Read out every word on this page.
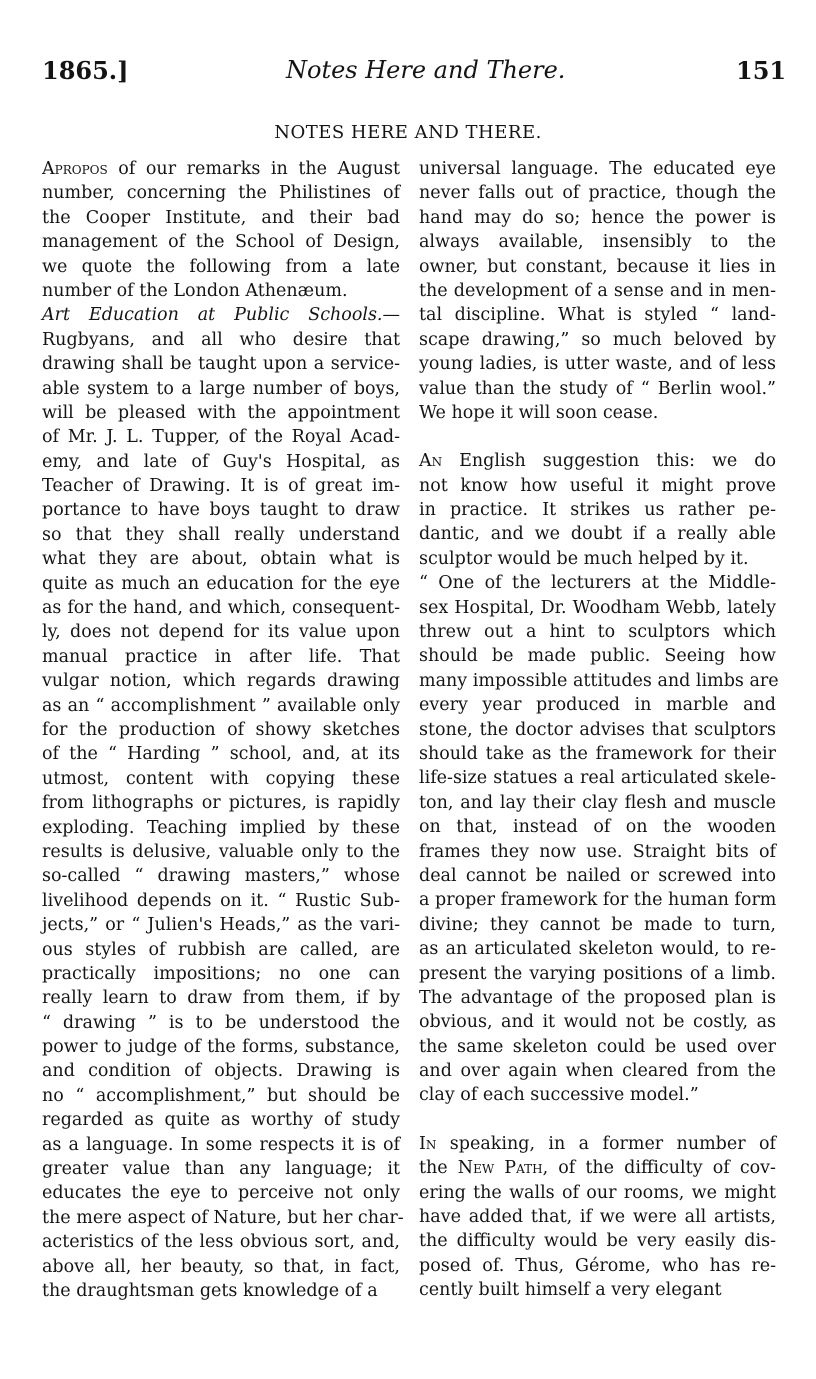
1865.]	Notes Here and There.	151
NOTES HERE AND THERE.
Apropos of our remarks in the August
number, concerning the Philistines of
the Cooper Institute, and their bad
management of the School of Design,
we quote the following from a late
number of the London Athenæum.
Art Education at Public Schools.—
Rugbyans, and all who desire that
drawing shall be taught upon a service-
able system to a large number of boys,
will be pleased with the appointment
of Mr. J. L. Tupper, of the Royal Acad-
emy, and late of Guy's Hospital, as
Teacher of Drawing. It is of great im-
portance to have boys taught to draw
so that they shall really understand
what they are about, obtain what is
quite as much an education for the eye
as for the hand, and which, consequent-
ly, does not depend for its value upon
manual practice in after life. That
vulgar notion, which regards drawing
as an “ accomplishment ” available only
for the production of showy sketches
of the “ Harding ” school, and, at its
utmost, content with copying these
from lithographs or pictures, is rapidly
exploding. Teaching implied by these
results is delusive, valuable only to the
so-called “ drawing masters,” whose
livelihood depends on it. “ Rustic Sub-
jects,” or “ Julien's Heads,” as the vari-
ous styles of rubbish are called, are
practically impositions; no one can
really learn to draw from them, if by
“ drawing ” is to be understood the
power to judge of the forms, substance,
and condition of objects. Drawing is
no “ accomplishment,” but should be
regarded as quite as worthy of study
as a language. In some respects it is of
greater value than any language; it
educates the eye to perceive not only
the mere aspect of Nature, but her char-
acteristics of the less obvious sort, and,
above all, her beauty, so that, in fact,
the draughtsman gets knowledge of a
universal language. The educated eye
never falls out of practice, though the
hand may do so; hence the power is
always available, insensibly to the
owner, but constant, because it lies in
the development of a sense and in men-
tal discipline. What is styled “ land-
scape drawing,” so much beloved by
young ladies, is utter waste, and of less
value than the study of “ Berlin wool.”
We hope it will soon cease.
An English suggestion this: we do
not know how useful it might prove
in practice. It strikes us rather pe-
dantic, and we doubt if a really able
sculptor would be much helped by it.
“ One of the lecturers at the Middle-
sex Hospital, Dr. Woodham Webb, lately
threw out a hint to sculptors which
should be made public. Seeing how
many impossible attitudes and limbs are
every year produced in marble and
stone, the doctor advises that sculptors
should take as the framework for their
life-size statues a real articulated skele-
ton, and lay their clay flesh and muscle
on that, instead of on the wooden
frames they now use. Straight bits of
deal cannot be nailed or screwed into
a proper framework for the human form
divine; they cannot be made to turn,
as an articulated skeleton would, to re-
present the varying positions of a limb.
The advantage of the proposed plan is
obvious, and it would not be costly, as
the same skeleton could be used over
and over again when cleared from the
clay of each successive model.”
In speaking, in a former number of
the New Path, of the difficulty of cov-
ering the walls of our rooms, we might
have added that, if we were all artists,
the difficulty would be very easily dis-
posed of. Thus, Gérome, who has re-
cently built himself a very elegant
